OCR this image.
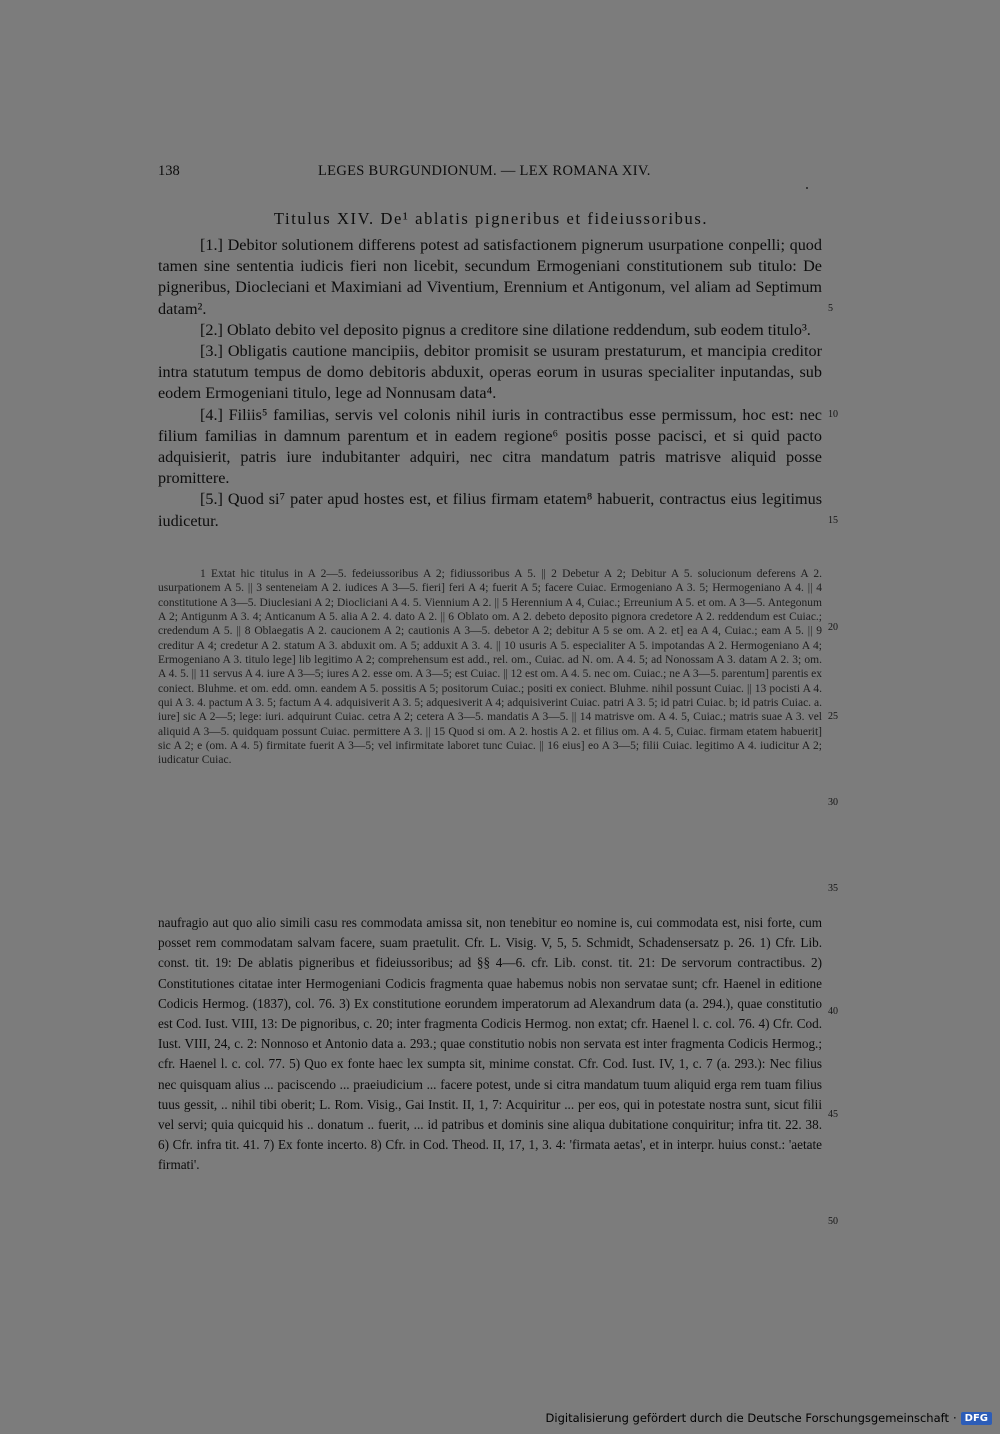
138	LEGES BURGUNDIONUM. — LEX ROMANA XIV.
Titulus XIV. De¹ ablatis pigneribus et fideiussoribus.

[1.] Debitor solutionem differens potest ad satisfactionem pignerum usurpatione conpelli; quod tamen sine sententia iudicis fieri non licebit, secundum Ermogeniani constitutionem sub titulo: De pigneribus, Diocleciani et Maximiani ad Viventium, Erennium et Antigonum, vel aliam ad Septimum datam².

[2.] Oblato debito vel deposito pignus a creditore sine dilatione reddendum, sub eodem titulo³.

[3.] Obligatis cautione mancipiis, debitor promisit se usuram prestaturum, et mancipia creditor intra statutum tempus de domo debitoris abduxit, operas eorum in usuras specialiter inputandas, sub eodem Ermogeniani titulo, lege ad Nonnusam data⁴.

[4.] Filiis⁵ familias, servis vel colonis nihil iuris in contractibus esse permissum, hoc est: nec filium familias in damnum parentum et in eadem regione⁶ positis posse pacisci, et si quid pacto adquisierit, patris iure indubitanter adquiri, nec citra mandatum patris matrisve aliquid posse promittere.

[5.] Quod si⁷ pater apud hostes est, et filius firmam etatem⁸ habuerit, contractus eius legitimus iudicetur.

5
10
15
20
25
30
35
40
45
50

1 Extat hic titulus in A 2—5. fedeiussoribus A 2; fidiussoribus A 5. || 2 Debetur A 2; Debitur A 5. solucionum deferens A 2. usurpationem A 5. || 3 senteneiam A 2. iudices A 3—5. fieri] feri A 4; fuerit A 5; facere Cuiac. Ermogeniano A 3. 5; Hermogeniano A 4. || 4 constitutione A 3—5. Diuclesiani A 2; Diocliciani A 4. 5. Viennium A 2. || 5 Herennium A 4, Cuiac.; Erreunium A 5. et om. A 3—5. Antegonum A 2; Antigunm A 3. 4; Anticanum A 5. alia A 2. 4. dato A 2. || 6 Oblato om. A 2. debeto deposito pignora credetore A 2. reddendum est Cuiac.; credendum A 5. || 8 Oblaegatis A 2. caucionem A 2; cautionis A 3—5. debetor A 2; debitur A 5 se om. A 2. et] ea A 4, Cuiac.; eam A 5. || 9 creditur A 4; credetur A 2. statum A 3. abduxit om. A 5; adduxit A 3. 4. || 10 usuris A 5. especialiter A 5. impotandas A 2. Hermogeniano A 4; Ermogeniano A 3. titulo lege] lib legitimo A 2; comprehensum est add., rel. om., Cuiac. ad N. om. A 4. 5; ad Nonossam A 3. datam A 2. 3; om. A 4. 5. || 11 servus A 4. iure A 3—5; iures A 2. esse om. A 3—5; est Cuiac. || 12 est om. A 4. 5. nec om. Cuiac.; ne A 3—5. parentum] parentis ex coniect. Bluhme. et om. edd. omn. eandem A 5. possitis A 5; positorum Cuiac.; positi ex coniect. Bluhme. nihil possunt Cuiac. || 13 pocisti A 4. qui A 3. 4. pactum A 3. 5; factum A 4. adquisiverit A 3. 5; adquesiverit A 4; adquisiverint Cuiac. patri A 3. 5; id patri Cuiac. b; id patris Cuiac. a. iure] sic A 2—5; lege: iuri. adquirunt Cuiac. cetra A 2; cetera A 3—5. mandatis A 3—5. || 14 matrisve om. A 4. 5, Cuiac.; matris suae A 3. vel aliquid A 3—5. quidquam possunt Cuiac. permittere A 3. || 15 Quod si om. A 2. hostis A 2. et filius om. A 4. 5, Cuiac. firmam etatem habuerit] sic A 2; e (om. A 4. 5) firmitate fuerit A 3—5; vel infirmitate laboret tunc Cuiac. || 16 eius] eo A 3—5; filii Cuiac. legitimo A 4. iudicitur A 2; iudicatur Cuiac.

naufragio aut quo alio simili casu res commodata amissa sit, non tenebitur eo nomine is, cui commodata est, nisi forte, cum posset rem commodatam salvam facere, suam praetulit. Cfr. L. Visig. V, 5, 5. Schmidt, Schadensersatz p. 26. 1) Cfr. Lib. const. tit. 19: De ablatis pigneribus et fideiussoribus; ad §§ 4—6. cfr. Lib. const. tit. 21: De servorum contractibus. 2) Constitutiones citatae inter Hermogeniani Codicis fragmenta quae habemus nobis non servatae sunt; cfr. Haenel in editione Codicis Hermog. (1837), col. 76. 3) Ex constitutione eorundem imperatorum ad Alexandrum data (a. 294.), quae constitutio est Cod. Iust. VIII, 13: De pignoribus, c. 20; inter fragmenta Codicis Hermog. non extat; cfr. Haenel l. c. col. 76. 4) Cfr. Cod. Iust. VIII, 24, c. 2: Nonnoso et Antonio data a. 293.; quae constitutio nobis non servata est inter fragmenta Codicis Hermog.; cfr. Haenel l. c. col. 77. 5) Quo ex fonte haec lex sumpta sit, minime constat. Cfr. Cod. Iust. IV, 1, c. 7 (a. 293.): Nec filius nec quisquam alius ... paciscendo ... praeiudicium ... facere potest, unde si citra mandatum tuum aliquid erga rem tuam filius tuus gessit, .. nihil tibi oberit; L. Rom. Visig., Gai Instit. II, 1, 7: Acquiritur ... per eos, qui in potestate nostra sunt, sicut filii vel servi; quia quicquid his .. donatum .. fuerit, ... id patribus et dominis sine aliqua dubitatione conquiritur; infra tit. 22. 38. 6) Cfr. infra tit. 41. 7) Ex fonte incerto. 8) Cfr. in Cod. Theod. II, 17, 1, 3. 4: 'firmata aetas', et in interpr. huius const.: 'aetate firmati'.

Digitalisierung gefördert durch die Deutsche Forschungsgemeinschaft · DFG
